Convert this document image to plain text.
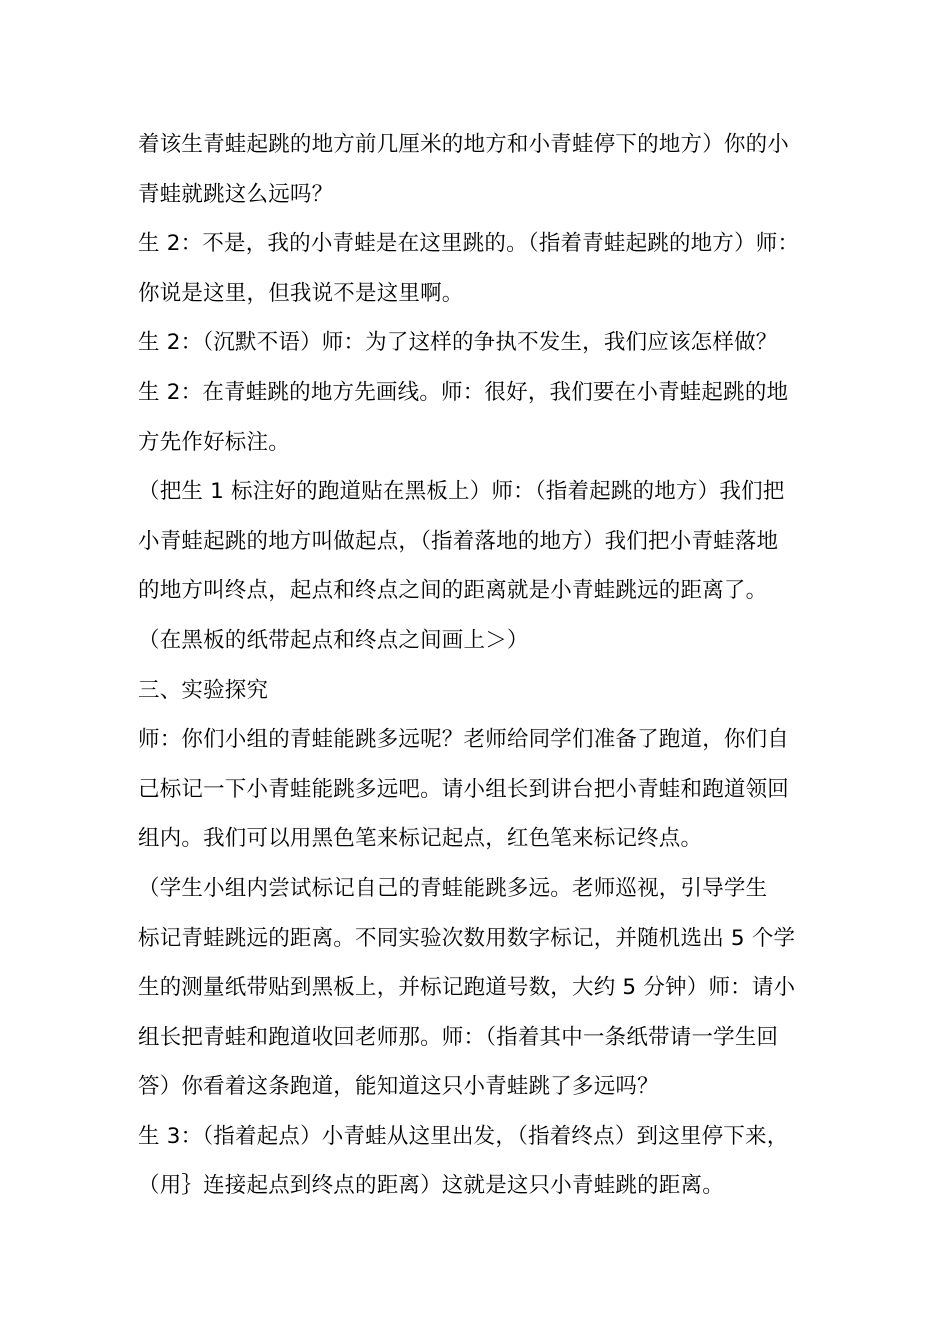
着该生青蛙起跳的地方前几厘米的地方和小青蛙停下的地方）你的小
青蛙就跳这么远吗？
生 2：不是，我的小青蛙是在这里跳的。（指着青蛙起跳的地方）师：
你说是这里，但我说不是这里啊。
生 2：（沉默不语）师：为了这样的争执不发生，我们应该怎样做？
生 2：在青蛙跳的地方先画线。师：很好，我们要在小青蛙起跳的地
方先作好标注。
（把生 1 标注好的跑道贴在黑板上）师：（指着起跳的地方）我们把
小青蛙起跳的地方叫做起点，（指着落地的地方）我们把小青蛙落地
的地方叫终点，起点和终点之间的距离就是小青蛙跳远的距离了。
（在黑板的纸带起点和终点之间画上＞）
三、实验探究
师：你们小组的青蛙能跳多远呢？老师给同学们准备了跑道，你们自
己标记一下小青蛙能跳多远吧。请小组长到讲台把小青蛙和跑道领回
组内。我们可以用黑色笔来标记起点，红色笔来标记终点。
（学生小组内尝试标记自己的青蛙能跳多远。老师巡视，引导学生
标记青蛙跳远的距离。不同实验次数用数字标记，并随机选出 5 个学
生的测量纸带贴到黑板上，并标记跑道号数，大约 5 分钟）师：请小
组长把青蛙和跑道收回老师那。师：（指着其中一条纸带请一学生回
答）你看着这条跑道，能知道这只小青蛙跳了多远吗？
生 3：（指着起点）小青蛙从这里出发，（指着终点）到这里停下来，
（用｝连接起点到终点的距离）这就是这只小青蛙跳的距离。
